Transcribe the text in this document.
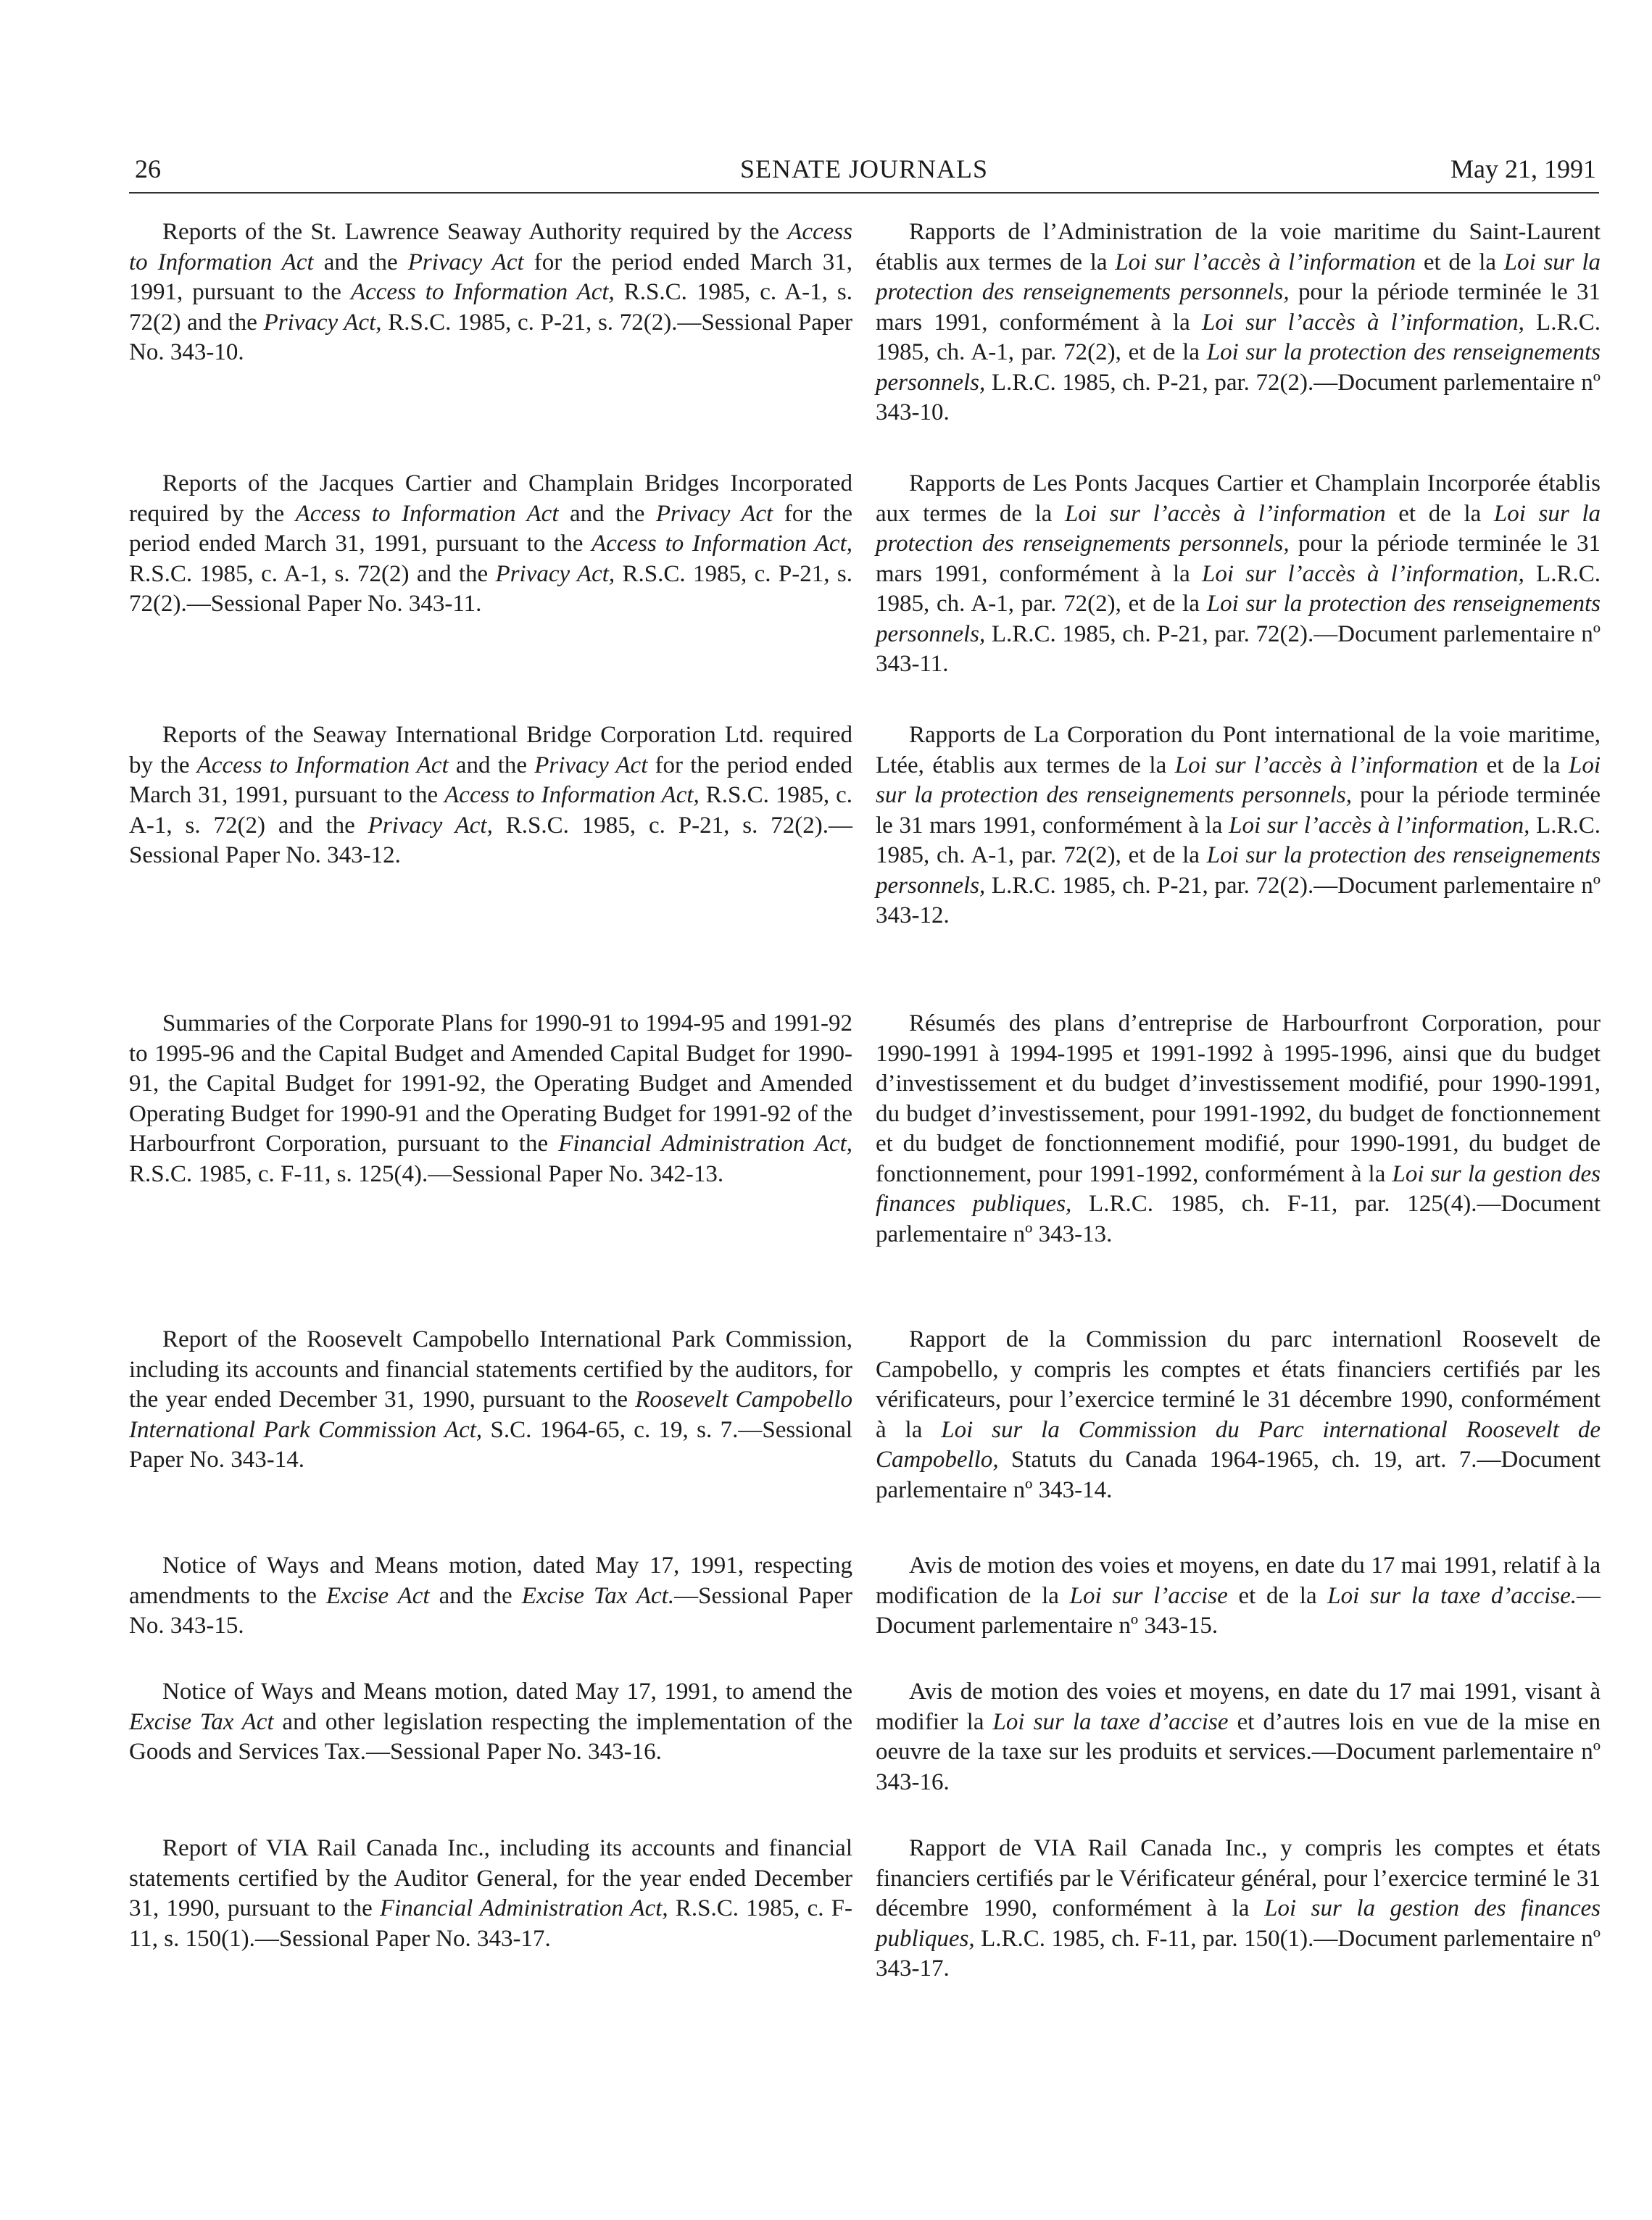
26	SENATE JOURNALS	May 21, 1991

Reports of the St. Lawrence Seaway Authority required by the Access to Information Act and the Privacy Act for the period ended March 31, 1991, pursuant to the Access to Information Act, R.S.C. 1985, c. A-1, s. 72(2) and the Privacy Act, R.S.C. 1985, c. P-21, s. 72(2).—Sessional Paper No. 343-10.

Rapports de l’Administration de la voie maritime du Saint-Laurent établis aux termes de la Loi sur l’accès à l’information et de la Loi sur la protection des renseignements personnels, pour la période terminée le 31 mars 1991, conformément à la Loi sur l’accès à l’information, L.R.C. 1985, ch. A-1, par. 72(2), et de la Loi sur la protection des renseignements personnels, L.R.C. 1985, ch. P-21, par. 72(2).—Document parlementaire nº 343-10.

Reports of the Jacques Cartier and Champlain Bridges Incorporated required by the Access to Information Act and the Privacy Act for the period ended March 31, 1991, pursuant to the Access to Information Act, R.S.C. 1985, c. A-1, s. 72(2) and the Privacy Act, R.S.C. 1985, c. P-21, s. 72(2).—Sessional Paper No. 343-11.

Rapports de Les Ponts Jacques Cartier et Champlain Incorporée établis aux termes de la Loi sur l’accès à l’information et de la Loi sur la protection des renseignements personnels, pour la période terminée le 31 mars 1991, conformément à la Loi sur l’accès à l’information, L.R.C. 1985, ch. A-1, par. 72(2), et de la Loi sur la protection des renseignements personnels, L.R.C. 1985, ch. P-21, par. 72(2).—Document parlementaire nº 343-11.

Reports of the Seaway International Bridge Corporation Ltd. required by the Access to Information Act and the Privacy Act for the period ended March 31, 1991, pursuant to the Access to Information Act, R.S.C. 1985, c. A-1, s. 72(2) and the Privacy Act, R.S.C. 1985, c. P-21, s. 72(2).—Sessional Paper No. 343-12.

Rapports de La Corporation du Pont international de la voie maritime, Ltée, établis aux termes de la Loi sur l’accès à l’information et de la Loi sur la protection des renseignements personnels, pour la période terminée le 31 mars 1991, conformément à la Loi sur l’accès à l’information, L.R.C. 1985, ch. A-1, par. 72(2), et de la Loi sur la protection des renseignements personnels, L.R.C. 1985, ch. P-21, par. 72(2).—Document parlementaire nº 343-12.

Summaries of the Corporate Plans for 1990-91 to 1994-95 and 1991-92 to 1995-96 and the Capital Budget and Amended Capital Budget for 1990-91, the Capital Budget for 1991-92, the Operating Budget and Amended Operating Budget for 1990-91 and the Operating Budget for 1991-92 of the Harbourfront Corporation, pursuant to the Financial Administration Act, R.S.C. 1985, c. F-11, s. 125(4).—Sessional Paper No. 342-13.

Résumés des plans d’entreprise de Harbourfront Corporation, pour 1990-1991 à 1994-1995 et 1991-1992 à 1995-1996, ainsi que du budget d’investissement et du budget d’investissement modifié, pour 1990-1991, du budget d’investissement, pour 1991-1992, du budget de fonctionnement et du budget de fonctionnement modifié, pour 1990-1991, du budget de fonctionnement, pour 1991-1992, conformément à la Loi sur la gestion des finances publiques, L.R.C. 1985, ch. F-11, par. 125(4).—Document parlementaire nº 343-13.

Report of the Roosevelt Campobello International Park Commission, including its accounts and financial statements certified by the auditors, for the year ended December 31, 1990, pursuant to the Roosevelt Campobello International Park Commission Act, S.C. 1964-65, c. 19, s. 7.—Sessional Paper No. 343-14.

Rapport de la Commission du parc internationl Roosevelt de Campobello, y compris les comptes et états financiers certifiés par les vérificateurs, pour l’exercice terminé le 31 décembre 1990, conformément à la Loi sur la Commission du Parc international Roosevelt de Campobello, Statuts du Canada 1964-1965, ch. 19, art. 7.—Document parlementaire nº 343-14.

Notice of Ways and Means motion, dated May 17, 1991, respecting amendments to the Excise Act and the Excise Tax Act.—Sessional Paper No. 343-15.

Avis de motion des voies et moyens, en date du 17 mai 1991, relatif à la modification de la Loi sur l’accise et de la Loi sur la taxe d’accise.—Document parlementaire nº 343-15.

Notice of Ways and Means motion, dated May 17, 1991, to amend the Excise Tax Act and other legislation respecting the implementation of the Goods and Services Tax.—Sessional Paper No. 343-16.

Avis de motion des voies et moyens, en date du 17 mai 1991, visant à modifier la Loi sur la taxe d’accise et d’autres lois en vue de la mise en oeuvre de la taxe sur les produits et services.—Document parlementaire nº 343-16.

Report of VIA Rail Canada Inc., including its accounts and financial statements certified by the Auditor General, for the year ended December 31, 1990, pursuant to the Financial Administration Act, R.S.C. 1985, c. F-11, s. 150(1).—Sessional Paper No. 343-17.

Rapport de VIA Rail Canada Inc., y compris les comptes et états financiers certifiés par le Vérificateur général, pour l’exercice terminé le 31 décembre 1990, conformément à la Loi sur la gestion des finances publiques, L.R.C. 1985, ch. F-11, par. 150(1).—Document parlementaire nº 343-17.
